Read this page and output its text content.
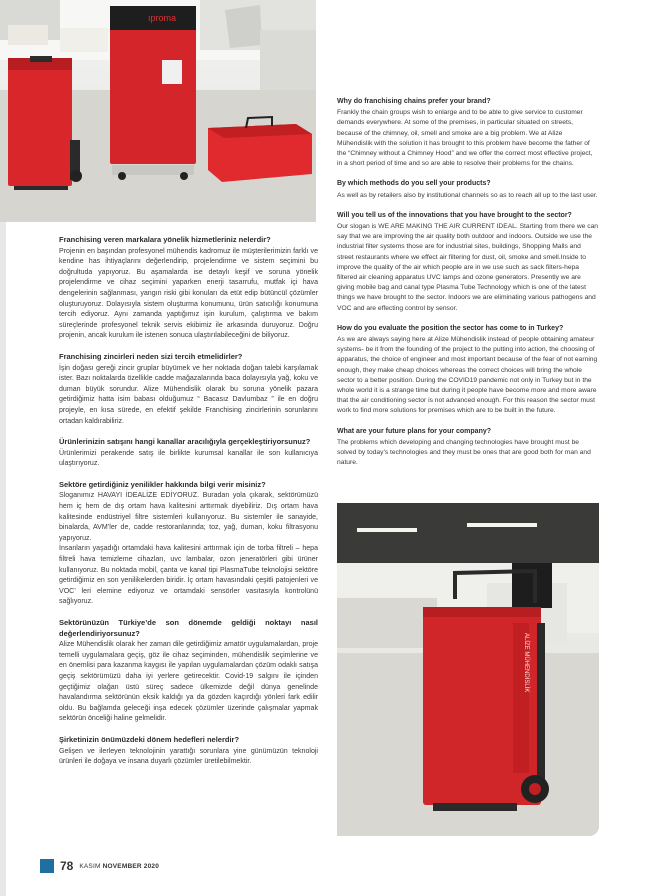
ıproma

Franchising veren markalara yönelik hizmetleriniz nelerdir?

Projenin en başından profesyonel mühendis kadromuz ile müşterilerimizin farklı ve kendine has ihtiyaçlarını değerlendirip, projelendirme ve sistem seçimini bu doğrultuda yapıyoruz. Bu aşamalarda ise detaylı keşif ve soruna yönelik projelendirme ve cihaz seçimini yaparken enerji tasarrufu, mutfak içi hava dengelerinin sağlanması, yangın riski gibi konuları da etüt edip bütüncül çözümler oluşturuyoruz. Dolayısıyla sistem oluşturma konumunu, ürün satıcılığı konumuna tercih ediyoruz. Aynı zamanda yaptığımız işin kurulum, çalıştırma ve bakım süreçlerinde profesyonel teknik servis ekibimiz ile arkasında duruyoruz. Doğru projenin, ancak kurulum ile istenen sonuca ulaştırılabileceğini de biliyoruz.

Franchising zincirleri neden sizi tercih etmelidirler?

İşin doğası gereği zincir gruplar büyümek ve her noktada doğan talebi karşılamak ister. Bazı noktalarda özellikle cadde mağazalarında baca dolayısıyla yağ, koku ve duman büyük sorundur. Alize Mühendislik olarak bu soruna yönelik pazara getirdiğimiz hatta isim babası olduğumuz “ Bacasız Davlumbaz ” ile en doğru projeyle, en kısa sürede, en efektif şekilde Franchising zincirlerinin sorunlarını ortadan kaldırabiliriz.

Ürünlerinizin satışını hangi kanallar aracılığıyla gerçekleştiriyorsunuz?

Ürünlerimizi perakende satış ile birlikte kurumsal kanallar ile son kullanıcıya ulaştırıyoruz.

Sektöre getirdiğiniz yenilikler hakkında bilgi verir misiniz?

Sloganımız HAVAYI İDEALİZE EDİYORUZ. Buradan yola çıkarak, sektörümüzü hem iç hem de dış ortam hava kalitesini arttırmak diyebiliriz. Dış ortam hava kalitesinde endüstriyel filtre sistemleri kullanıyoruz. Bu sistemler ile sanayide, binalarda, AVM’ler de, cadde restoranlarında; toz, yağ, duman, koku filtrasyonu yapıyoruz.

İnsanların yaşadığı ortamdaki hava kalitesini arttırmak için de torba filtreli – hepa filtreli hava temizleme cihazları, uvc lambalar, ozon jeneratörleri gibi ürüner kullanıyoruz. Bu noktada mobil, çanta ve kanal tipi PlasmaTube teknolojisi sektöre getirdiğimiz en son yenilikelerden biridir. İç ortam havasındaki çeşitli patojenleri ve VOC’ leri elemine ediyoruz ve ortamdaki sensörler vasıtasıyla kontrolünü sağlıyoruz.

Sektörünüzün Türkiye’de son dönemde geldiği noktayı nasıl değerlendiriyorsunuz?

Alize Mühendislik olarak her zaman dile getirdiğimiz amatör uygulamalardan, proje temelli uygulamalara geçiş, göz ile cihaz seçiminden, mühendislik seçimlerine ve en önemlisi para kazanma kaygısı ile yapılan uygulamalardan çözüm odaklı satışa geçiş sektörümüzü daha iyi yerlere getirecektir. Covid-19 salgını ile içinden geçtiğimiz olağan üstü süreç sadece ülkemizde değil dünya genelinde havalandırma sektörünün eksik kaldığı ya da gözden kaçırdığı yönleri fark edilir oldu. Bu bağlamda geleceği inşa edecek çözümler üzerinde çalışmalar yapmak sektörün önceliği haline gelmelidir.

Şirketinizin önümüzdeki dönem hedefleri nelerdir?

Gelişen ve ilerleyen teknolojinin yarattığı sorunlara yine günümüzün teknoloji ürünleri ile doğaya ve insana duyarlı çözümler üretilebilmektir.

Why do franchising chains prefer your brand?

Frankly the chain groups wish to enlarge and to be able to give service to customer demands everywhere. At some of the premises, in particular situated on streets, because of the chimney, oil, smell and smoke are a big problem. We at Alize Mühendislik with the solution it has brought to this problem have become the father of the “Chimney without a Chimney Hood” and we offer the correct most effective project, in a short period of time and so are able to resolve their problems for the chains.

By which methods do you sell your products?

As well as by retailers also by institutional channels so as to reach all up to the last user.

Will you tell us of the innovations that you have brought to the sector?

Our slogan is WE ARE MAKING THE AIR CURRENT IDEAL. Starting from there we can say that we are improving the air quality both outdoor and indoors. Outside we use the industrial filter systems those are for industrial sites, buildings, Shopping Malls and street restaurants where we effect air filtering for dust, oil, smoke and smell.Inside to improve the quality of the air which people are in we use such as sack filters-hepa filtered air cleaning apparatus UVC lamps and ozone generators. Presently we are giving mobile bag and canal type Plasma Tube Technology which is one of the latest things we have brought to the sector. Indoors we are eliminating various pathogens and VOC and are effecting control by sensor.

How do you evaluate the position the sector has come to in Turkey?

As we are always saying here at Alize Mühendislik instead of people obtaining amateur systems- be it from the founding of the project to the putting into action, the choosing of apparatus, the choice of engineer and most important because of the fear of not earning enough, they make cheap choices whereas the correct choices will bring the whole sector to a better position. During the COVID19 pandemic not only in Turkey but in the whole world it is a strange time but during it people have become more and more aware that the air conditioning sector is not advanced enough. For this reason the sector must work to find more solutions for premises which are to be built in the future.

What are your future plans for your company?

The problems which developing and changing technologies have brought must be solved by today’s technologies and they must be ones that are good both for man and nature.

ALİZE MÜHENDİSLİK
78 KASIM NOVEMBER 2020
